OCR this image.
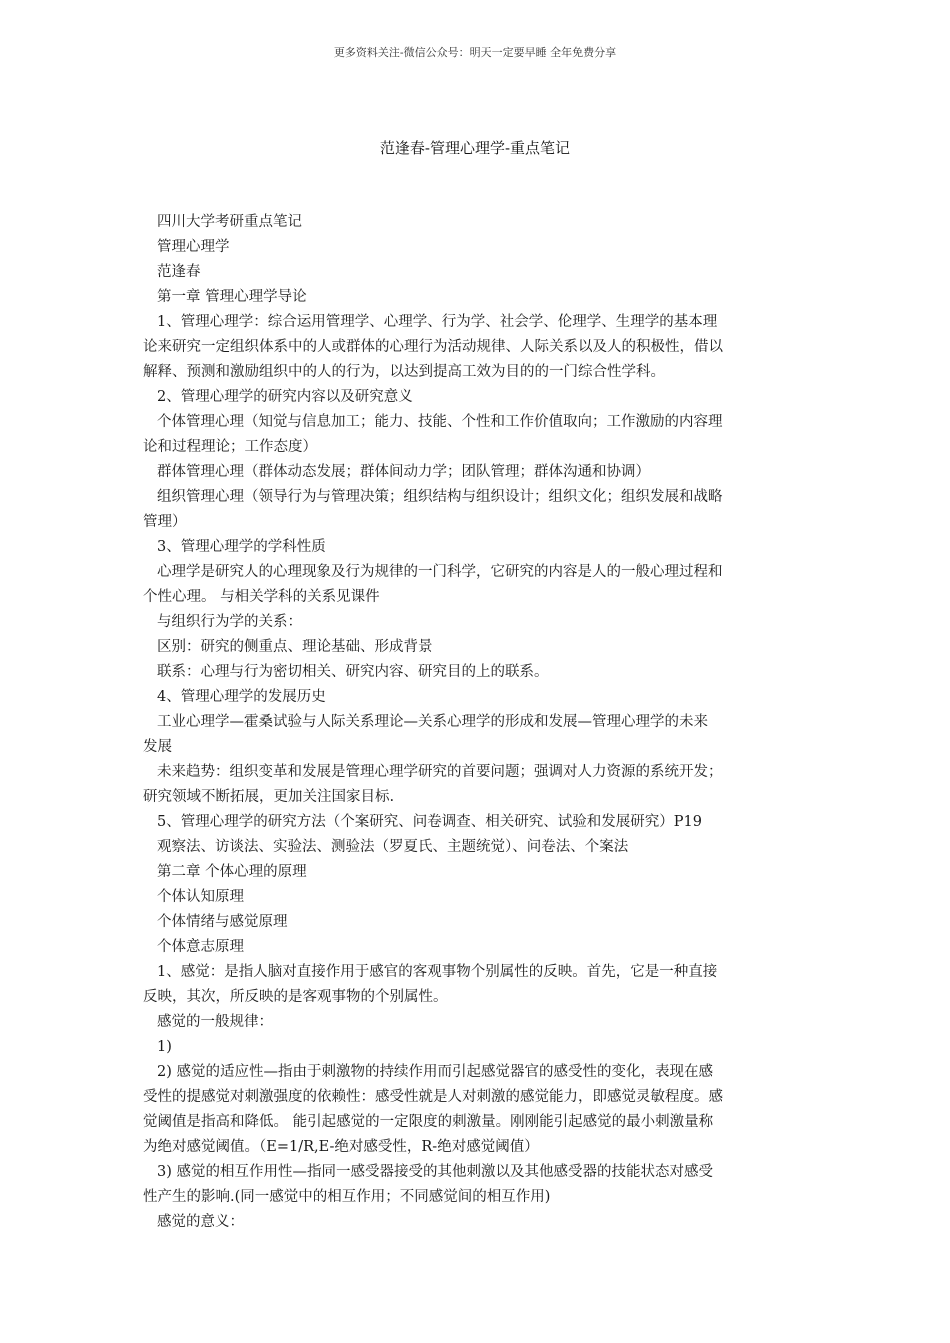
更多资料关注-微信公众号：明天一定要早睡 全年免费分享
范逢春-管理心理学-重点笔记
四川大学考研重点笔记
管理心理学
范逢春
第一章 管理心理学导论
1、管理心理学：综合运用管理学、心理学、行为学、社会学、伦理学、生理学的基本理
论来研究一定组织体系中的人或群体的心理行为活动规律、人际关系以及人的积极性，借以
解释、预测和激励组织中的人的行为，以达到提高工效为目的的一门综合性学科。
2、管理心理学的研究内容以及研究意义
个体管理心理（知觉与信息加工；能力、技能、个性和工作价值取向；工作激励的内容理
论和过程理论；工作态度）
群体管理心理（群体动态发展；群体间动力学；团队管理；群体沟通和协调）
组织管理心理（领导行为与管理决策；组织结构与组织设计；组织文化；组织发展和战略
管理）
3、管理心理学的学科性质
心理学是研究人的心理现象及行为规律的一门科学，它研究的内容是人的一般心理过程和
个性心理。 与相关学科的关系见课件
与组织行为学的关系：
区别：研究的侧重点、理论基础、形成背景
联系：心理与行为密切相关、研究内容、研究目的上的联系。
4、管理心理学的发展历史
工业心理学—霍桑试验与人际关系理论—关系心理学的形成和发展—管理心理学的未来
发展
未来趋势：组织变革和发展是管理心理学研究的首要问题；强调对人力资源的系统开发；
研究领域不断拓展，更加关注国家目标.
5、管理心理学的研究方法（个案研究、问卷调查、相关研究、试验和发展研究）P19
观察法、访谈法、实验法、测验法（罗夏氏、主题统觉）、问卷法、个案法
第二章 个体心理的原理
个体认知原理
个体情绪与感觉原理
个体意志原理
1、感觉：是指人脑对直接作用于感官的客观事物个别属性的反映。首先，它是一种直接
反映，其次，所反映的是客观事物的个别属性。
感觉的一般规律：
1)
2) 感觉的适应性—指由于刺激物的持续作用而引起感觉器官的感受性的变化，表现在感
受性的提感觉对刺激强度的依赖性：感受性就是人对刺激的感觉能力，即感觉灵敏程度。感
觉阈值是指高和降低。 能引起感觉的一定限度的刺激量。刚刚能引起感觉的最小刺激量称
为绝对感觉阈值。（E=1/R,E-绝对感受性，R-绝对感觉阈值）
3) 感觉的相互作用性—指同一感受器接受的其他刺激以及其他感受器的技能状态对感受
性产生的影响.(同一感觉中的相互作用；不同感觉间的相互作用)
感觉的意义：
